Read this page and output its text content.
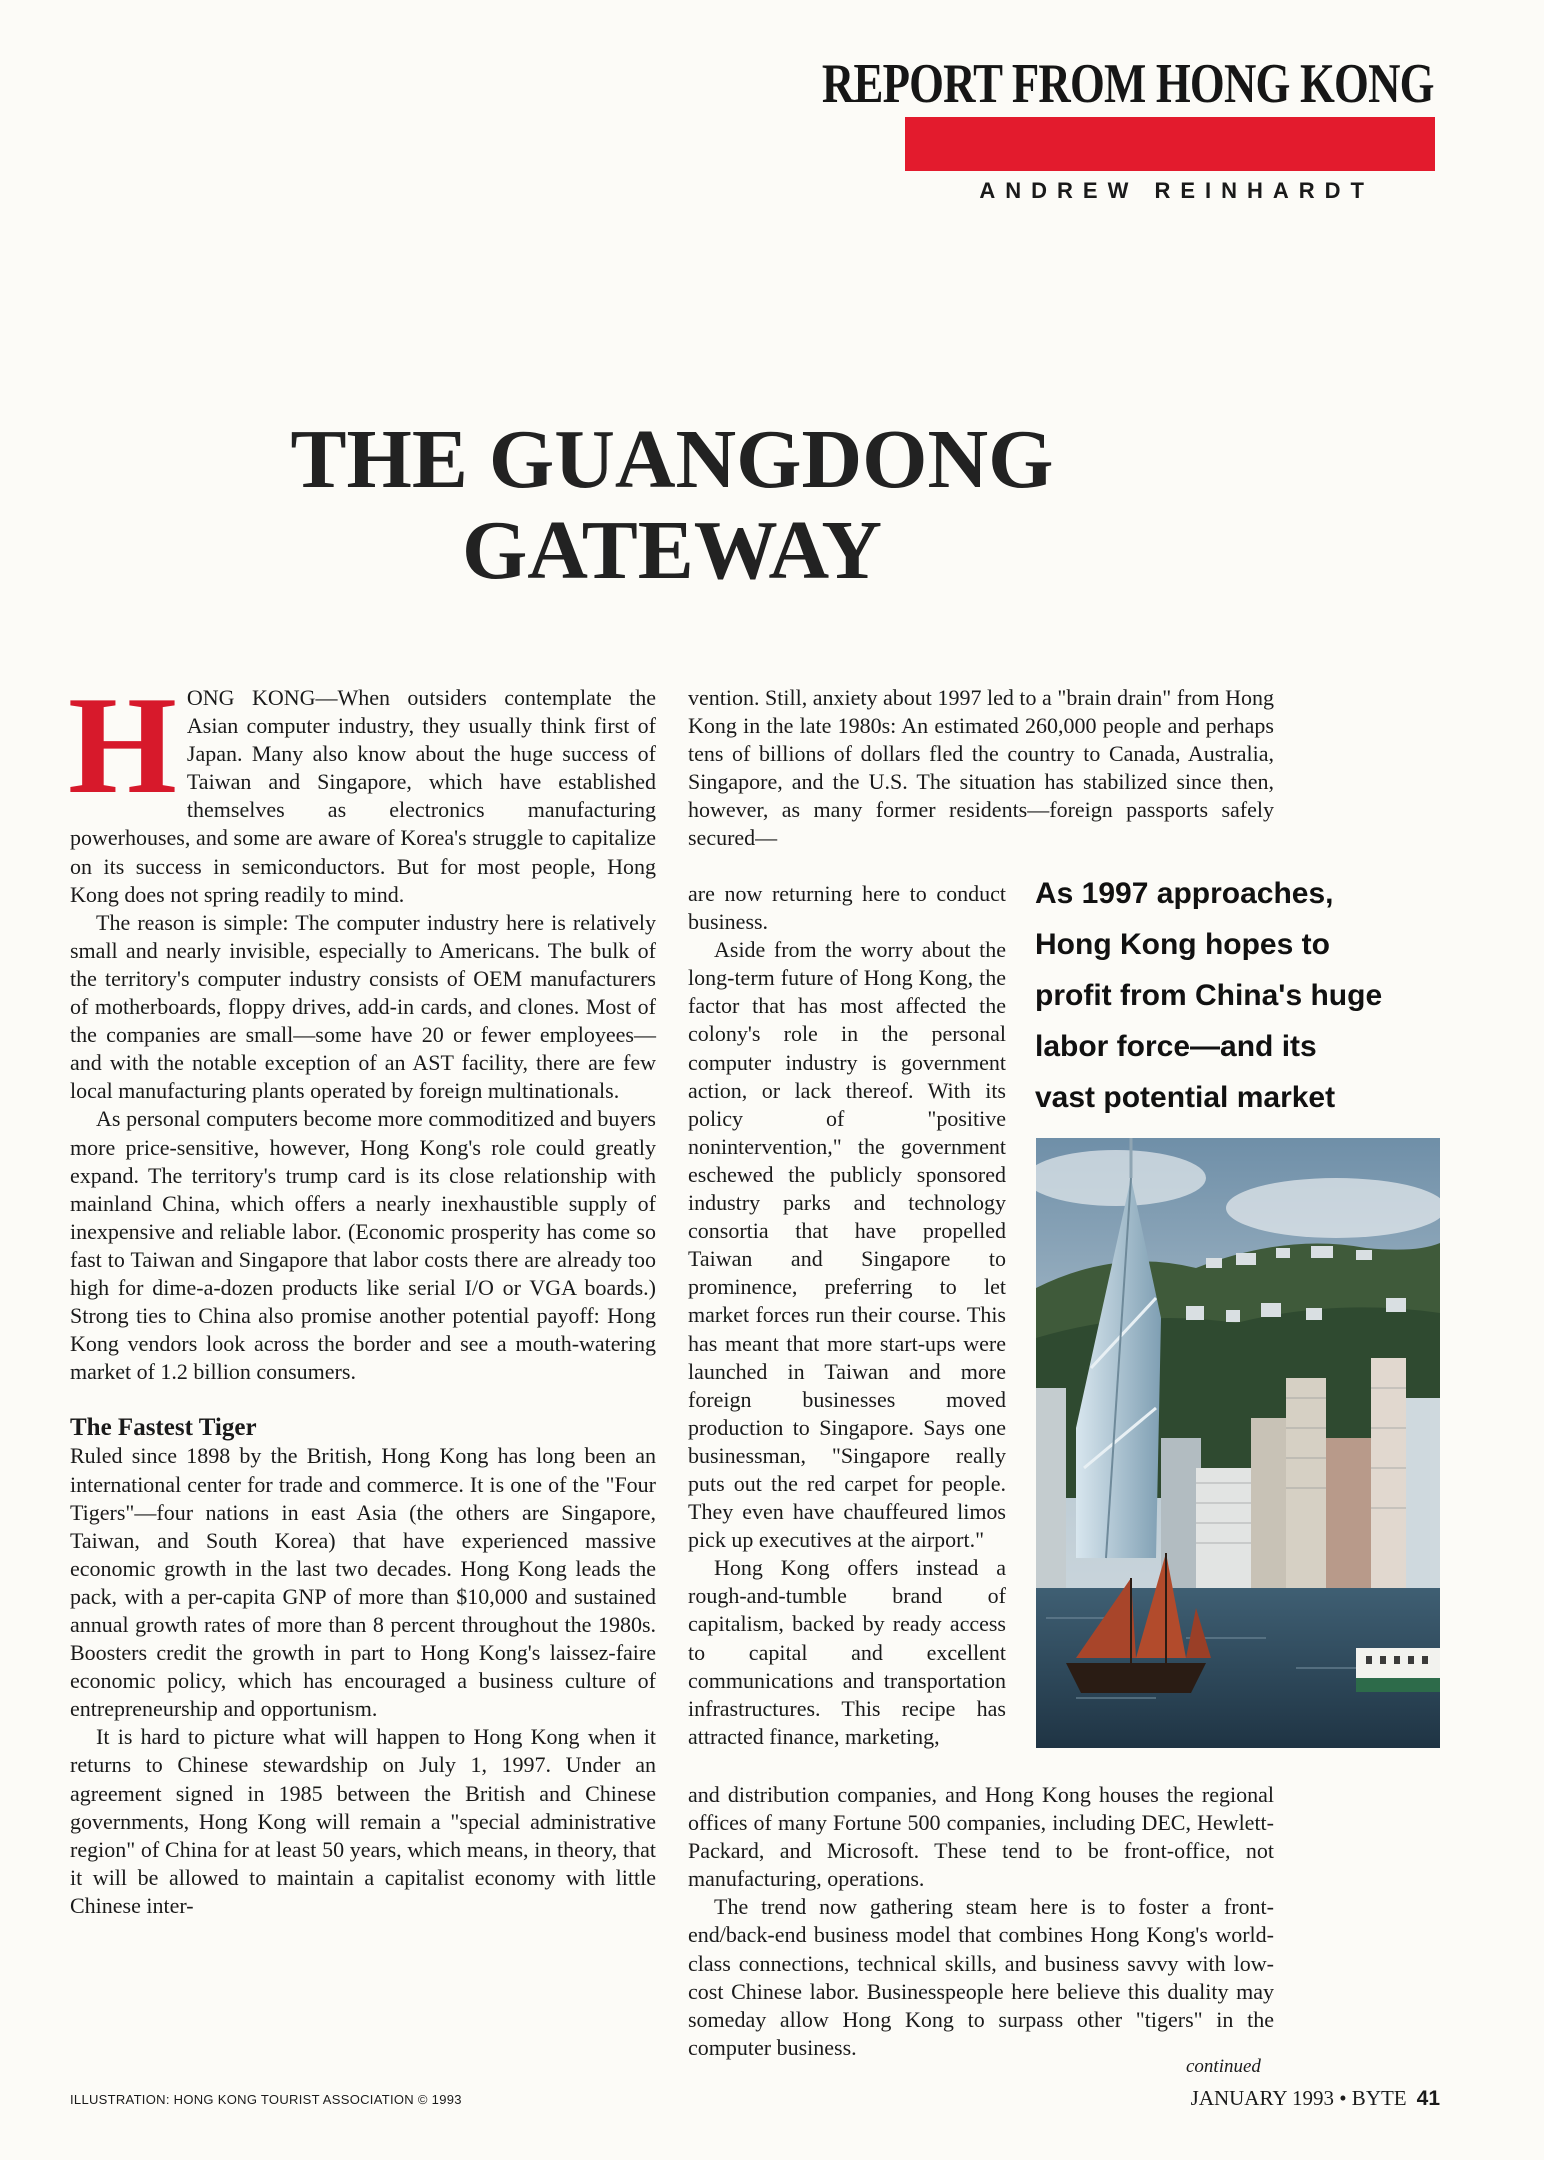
REPORT FROM HONG KONG
ANDREW REINHARDT
THE GUANGDONG
GATEWAY

HONG KONG—When outsiders contemplate the Asian computer industry, they usually think first of Japan. Many also know about the huge success of Taiwan and Singapore, which have established themselves as electronics manufacturing powerhouses, and some are aware of Korea's struggle to capitalize on its success in semiconductors. But for most people, Hong Kong does not spring readily to mind.

The reason is simple: The computer industry here is relatively small and nearly invisible, especially to Americans. The bulk of the territory's computer industry consists of OEM manufacturers of motherboards, floppy drives, add-in cards, and clones. Most of the companies are small—some have 20 or fewer employees—and with the notable exception of an AST facility, there are few local manufacturing plants operated by foreign multinationals.

As personal computers become more commoditized and buyers more price-sensitive, however, Hong Kong's role could greatly expand. The territory's trump card is its close relationship with mainland China, which offers a nearly inexhaustible supply of inexpensive and reliable labor. (Economic prosperity has come so fast to Taiwan and Singapore that labor costs there are already too high for dime-a-dozen products like serial I/O or VGA boards.) Strong ties to China also promise another potential payoff: Hong Kong vendors look across the border and see a mouth-watering market of 1.2 billion consumers.

The Fastest Tiger

Ruled since 1898 by the British, Hong Kong has long been an international center for trade and commerce. It is one of the "Four Tigers"—four nations in east Asia (the others are Singapore, Taiwan, and South Korea) that have experienced massive economic growth in the last two decades. Hong Kong leads the pack, with a per-capita GNP of more than $10,000 and sustained annual growth rates of more than 8 percent throughout the 1980s. Boosters credit the growth in part to Hong Kong's laissez-faire economic policy, which has encouraged a business culture of entrepreneurship and opportunism.

It is hard to picture what will happen to Hong Kong when it returns to Chinese stewardship on July 1, 1997. Under an agreement signed in 1985 between the British and Chinese governments, Hong Kong will remain a "special administrative region" of China for at least 50 years, which means, in theory, that it will be allowed to maintain a capitalist economy with little Chinese inter-

vention. Still, anxiety about 1997 led to a "brain drain" from Hong Kong in the late 1980s: An estimated 260,000 people and perhaps tens of billions of dollars fled the country to Canada, Australia, Singapore, and the U.S. The situation has stabilized since then, however, as many former residents—foreign passports safely secured—

are now returning here to conduct business.

Aside from the worry about the long-term future of Hong Kong, the factor that has most affected the colony's role in the personal computer industry is government action, or lack thereof. With its policy of "positive nonintervention," the government eschewed the publicly sponsored industry parks and technology consortia that have propelled Taiwan and Singapore to prominence, preferring to let market forces run their course. This has meant that more start-ups were launched in Taiwan and more foreign businesses moved production to Singapore. Says one businessman, "Singapore really puts out the red carpet for people. They even have chauffeured limos pick up executives at the airport."

Hong Kong offers instead a rough-and-tumble brand of capitalism, backed by ready access to capital and excellent communications and transportation infrastructures. This recipe has attracted finance, marketing,

and distribution companies, and Hong Kong houses the regional offices of many Fortune 500 companies, including DEC, Hewlett-Packard, and Microsoft. These tend to be front-office, not manufacturing, operations.

The trend now gathering steam here is to foster a front-end/back-end business model that combines Hong Kong's world-class connections, technical skills, and business savvy with low-cost Chinese labor. Businesspeople here believe this duality may someday allow Hong Kong to surpass other "tigers" in the computer business.

As 1997 approaches,
Hong Kong hopes to
profit from China's huge
labor force—and its
vast potential market
continued
ILLUSTRATION: HONG KONG TOURIST ASSOCIATION © 1993	JANUARY 1993 • BYTE 41
